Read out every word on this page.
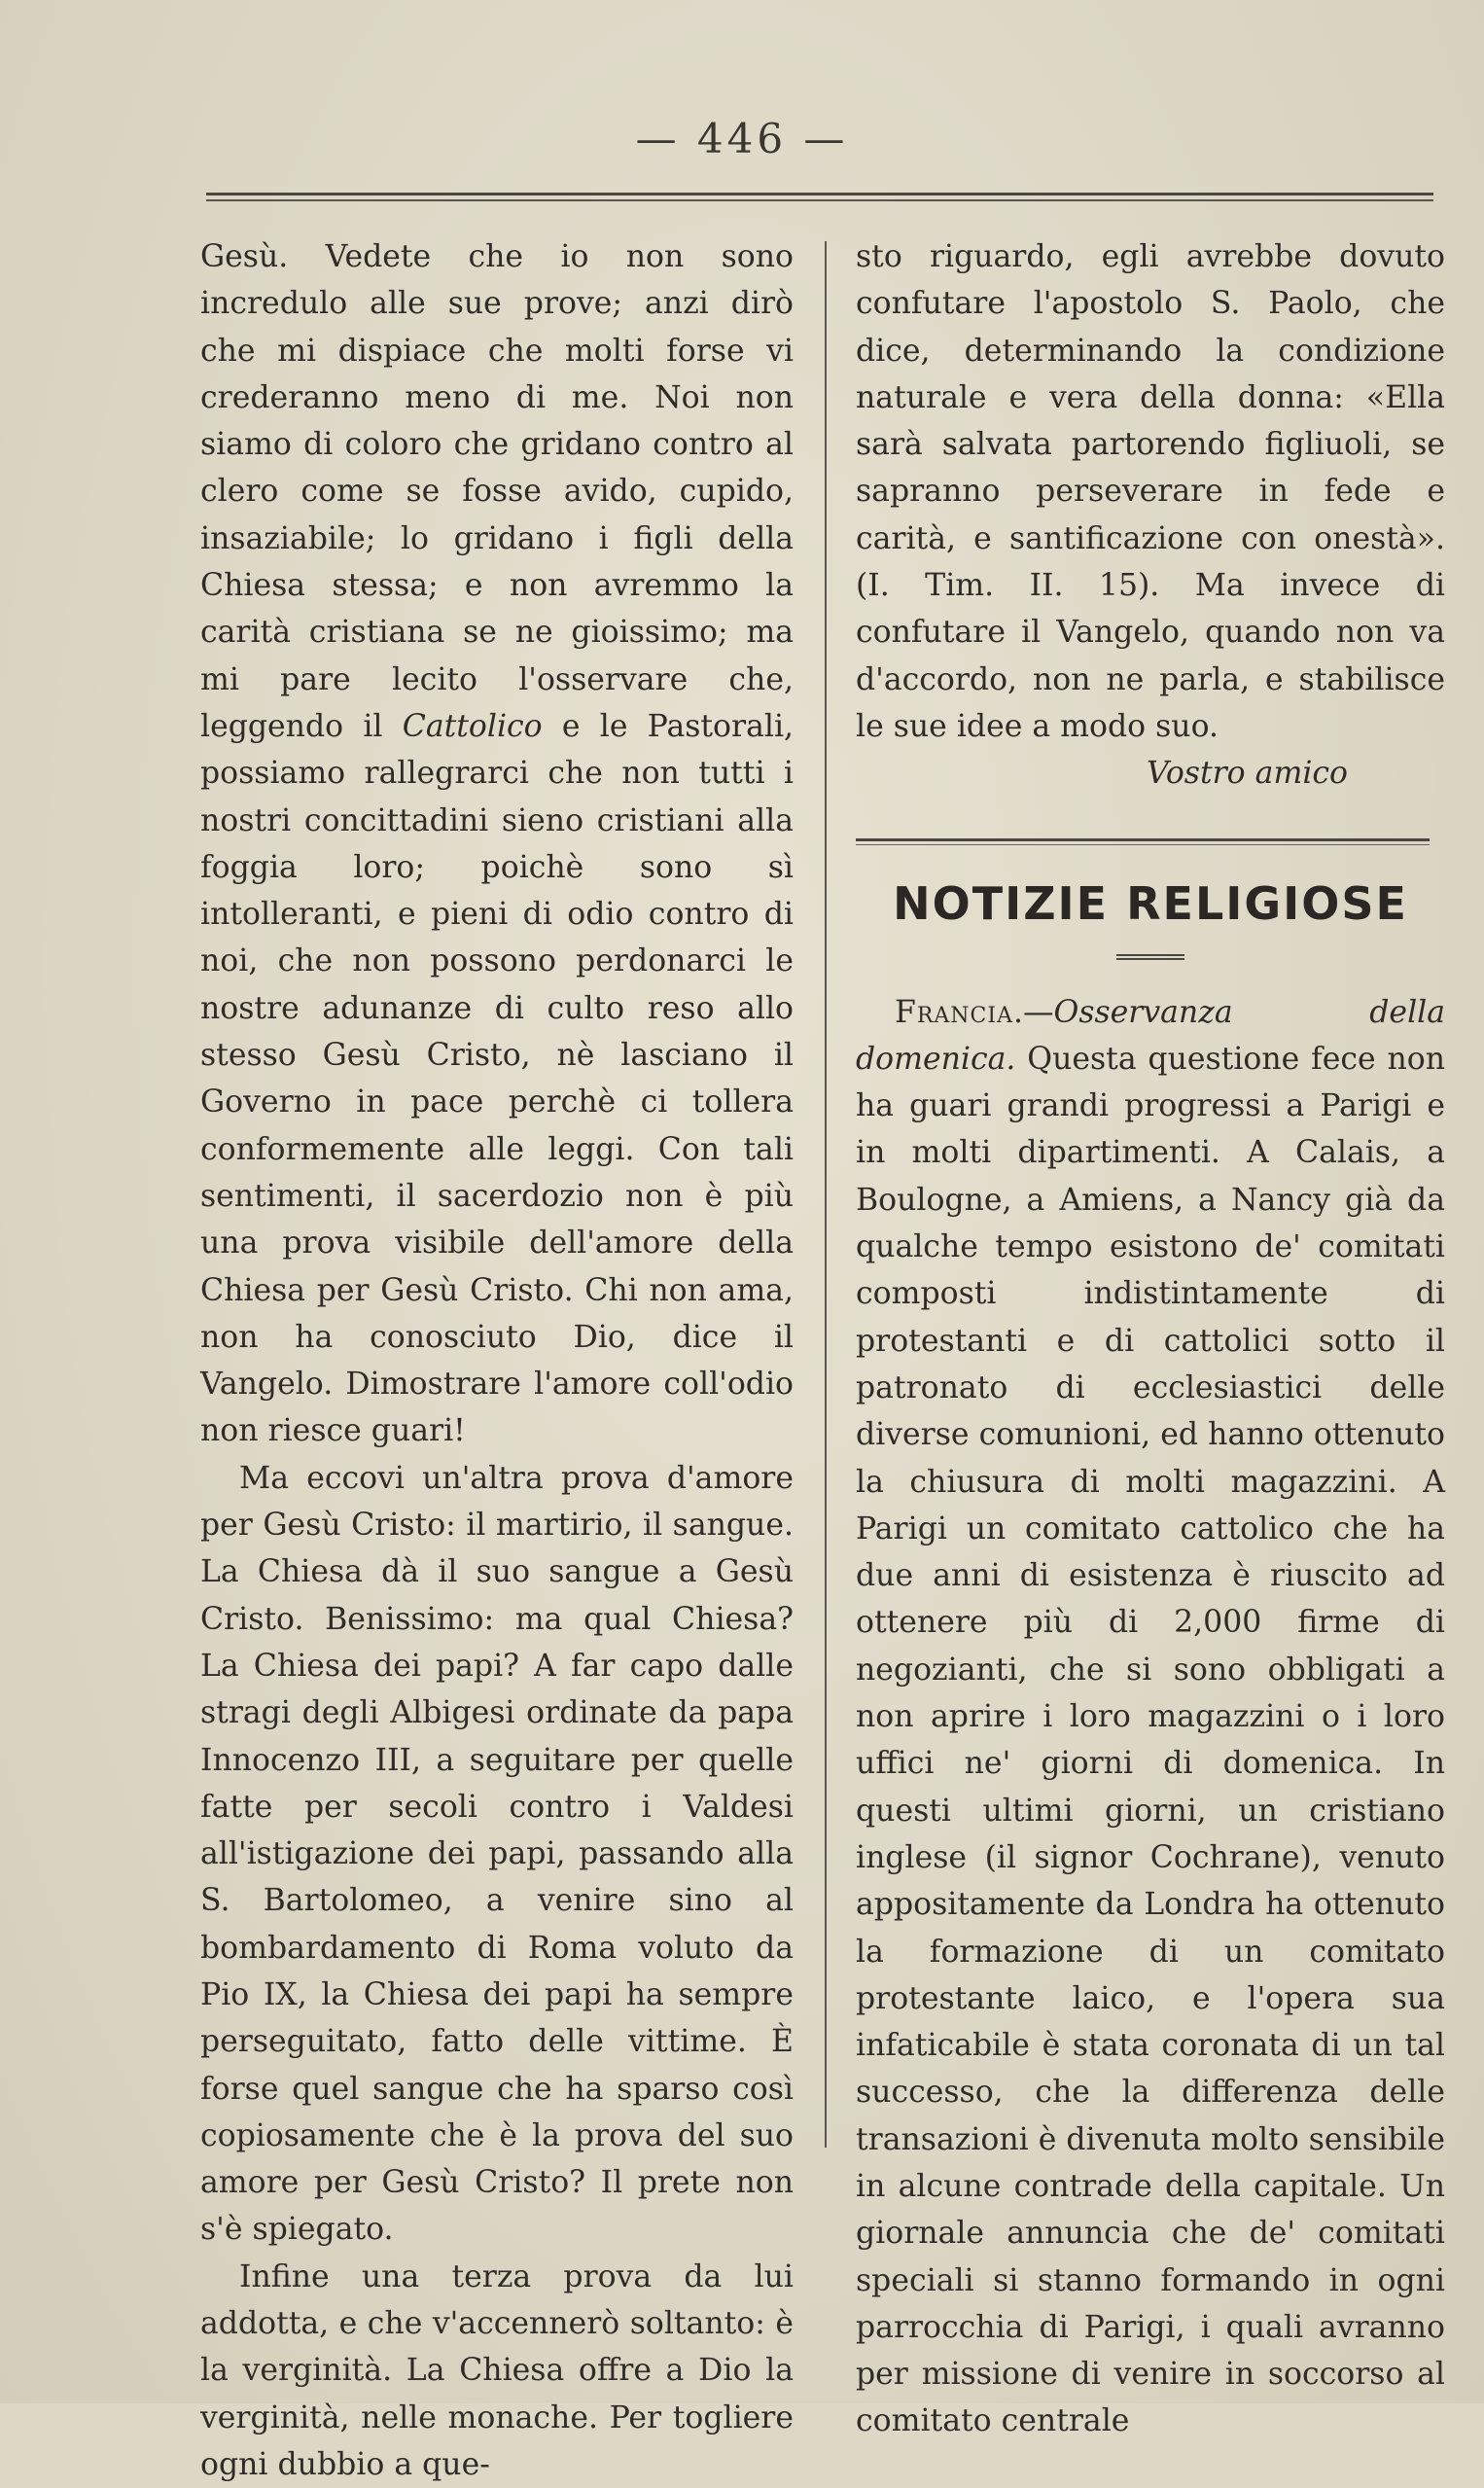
— 446 —

Gesù. Vedete che io non sono incredulo alle sue prove; anzi dirò che mi dispiace che molti forse vi crederanno meno di me. Noi non siamo di coloro che gridano contro al clero come se fosse avido, cupido, insaziabile; lo gridano i figli della Chiesa stessa; e non avremmo la carità cristiana se ne gioissimo; ma mi pare lecito l'osservare che, leggendo il Cattolico e le Pastorali, possiamo rallegrarci che non tutti i nostri concittadini sieno cristiani alla foggia loro; poichè sono sì intolleranti, e pieni di odio contro di noi, che non possono perdonarci le nostre adunanze di culto reso allo stesso Gesù Cristo, nè lasciano il Governo in pace perchè ci tollera conformemente alle leggi. Con tali sentimenti, il sacerdozio non è più una prova visibile dell'amore della Chiesa per Gesù Cristo. Chi non ama, non ha conosciuto Dio, dice il Vangelo. Dimostrare l'amore coll'odio non riesce guari!

Ma eccovi un'altra prova d'amore per Gesù Cristo: il martirio, il sangue. La Chiesa dà il suo sangue a Gesù Cristo. Benissimo: ma qual Chiesa? La Chiesa dei papi? A far capo dalle stragi degli Albigesi ordinate da papa Innocenzo III, a seguitare per quelle fatte per secoli contro i Valdesi all'istigazione dei papi, passando alla S. Bartolomeo, a venire sino al bombardamento di Roma voluto da Pio IX, la Chiesa dei papi ha sempre perseguitato, fatto delle vittime. È forse quel sangue che ha sparso così copiosamente che è la prova del suo amore per Gesù Cristo? Il prete non s'è spiegato.

Infine una terza prova da lui addotta, e che v'accennerò soltanto: è la verginità. La Chiesa offre a Dio la verginità, nelle monache. Per togliere ogni dubbio a que-

sto riguardo, egli avrebbe dovuto confutare l'apostolo S. Paolo, che dice, determinando la condizione naturale e vera della donna: «Ella sarà salvata partorendo figliuoli, se sapranno perseverare in fede e carità, e santificazione con onestà». (I. Tim. II. 15). Ma invece di confutare il Vangelo, quando non va d'accordo, non ne parla, e stabilisce le sue idee a modo suo.

Vostro amico

NOTIZIE RELIGIOSE

Francia.—Osservanza della domenica. Questa questione fece non ha guari grandi progressi a Parigi e in molti dipartimenti. A Calais, a Boulogne, a Amiens, a Nancy già da qualche tempo esistono de' comitati composti indistintamente di protestanti e di cattolici sotto il patronato di ecclesiastici delle diverse comunioni, ed hanno ottenuto la chiusura di molti magazzini. A Parigi un comitato cattolico che ha due anni di esistenza è riuscito ad ottenere più di 2,000 firme di negozianti, che si sono obbligati a non aprire i loro magazzini o i loro uffici ne' giorni di domenica. In questi ultimi giorni, un cristiano inglese (il signor Cochrane), venuto appositamente da Londra ha ottenuto la formazione di un comitato protestante laico, e l'opera sua infaticabile è stata coronata di un tal successo, che la differenza delle transazioni è divenuta molto sensibile in alcune contrade della capitale. Un giornale annuncia che de' comitati speciali si stanno formando in ogni parrocchia di Parigi, i quali avranno per missione di venire in soccorso al comitato centrale
